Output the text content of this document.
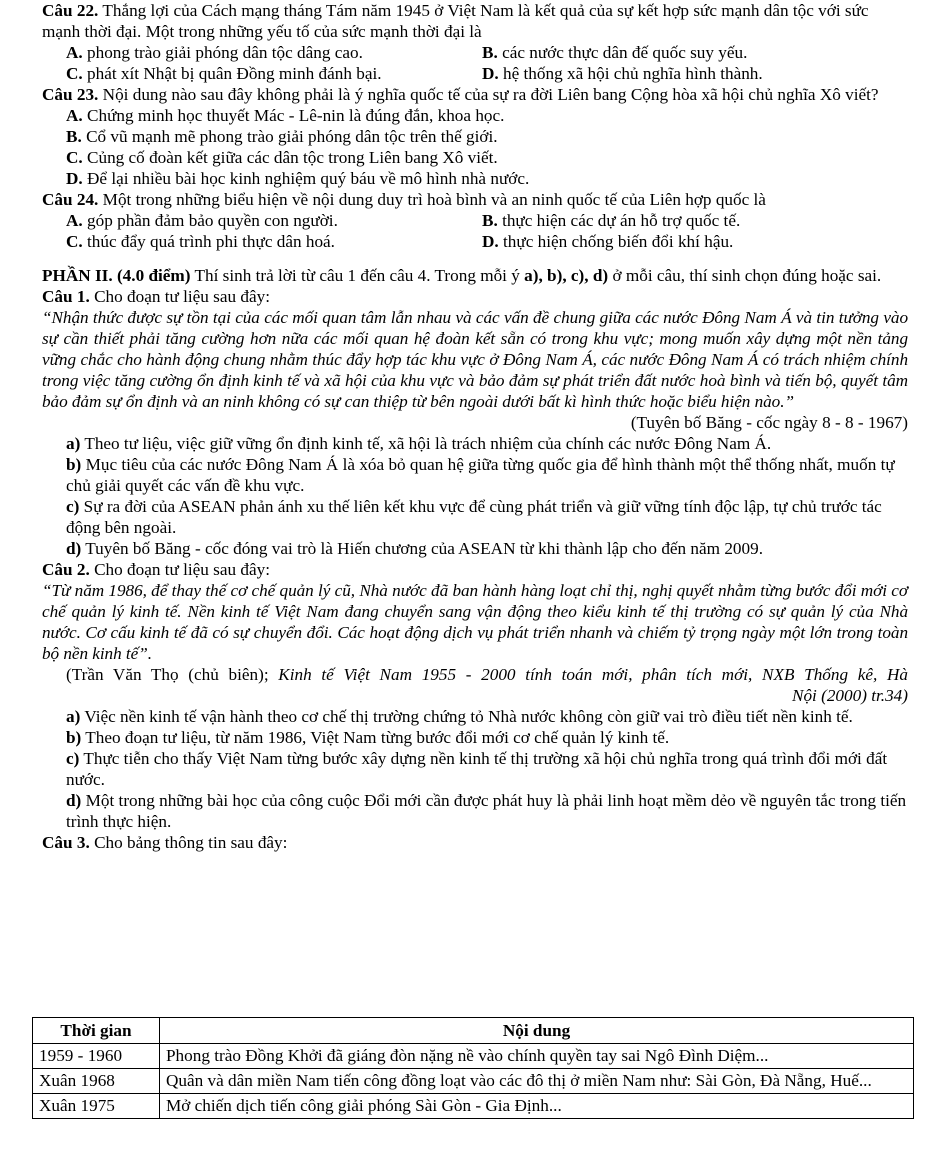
Câu 22. Thắng lợi của Cách mạng tháng Tám năm 1945 ở Việt Nam là kết quả của sự kết hợp sức mạnh dân tộc với sức mạnh thời đại. Một trong những yếu tố của sức mạnh thời đại là

A. phong trào giải phóng dân tộc dâng cao.	B. các nước thực dân đế quốc suy yếu.
C. phát xít Nhật bị quân Đồng minh đánh bại.	D. hệ thống xã hội chủ nghĩa hình thành.

Câu 23. Nội dung nào sau đây không phải là ý nghĩa quốc tế của sự ra đời Liên bang Cộng hòa xã hội chủ nghĩa Xô viết?

A. Chứng minh học thuyết Mác - Lê-nin là đúng đắn, khoa học.

B. Cổ vũ mạnh mẽ phong trào giải phóng dân tộc trên thế giới.

C. Củng cố đoàn kết giữa các dân tộc trong Liên bang Xô viết.

D. Để lại nhiều bài học kinh nghiệm quý báu về mô hình nhà nước.

Câu 24. Một trong những biểu hiện về nội dung duy trì hoà bình và an ninh quốc tế của Liên hợp quốc là

A. góp phần đảm bảo quyền con người.	B. thực hiện các dự án hỗ trợ quốc tế.
C. thúc đẩy quá trình phi thực dân hoá.	D. thực hiện chống biến đổi khí hậu.

PHẦN II. (4.0 điểm) Thí sinh trả lời từ câu 1 đến câu 4. Trong mỗi ý a), b), c), d) ở mỗi câu, thí sinh chọn đúng hoặc sai.

Câu 1. Cho đoạn tư liệu sau đây:

“Nhận thức được sự tồn tại của các mối quan tâm lẫn nhau và các vấn đề chung giữa các nước Đông Nam Á và tin tưởng vào sự cần thiết phải tăng cường hơn nữa các mối quan hệ đoàn kết sẵn có trong khu vực; mong muốn xây dựng một nền tảng vững chắc cho hành động chung nhằm thúc đẩy hợp tác khu vực ở Đông Nam Á, các nước Đông Nam Á có trách nhiệm chính trong việc tăng cường ổn định kinh tế và xã hội của khu vực và bảo đảm sự phát triển đất nước hoà bình và tiến bộ, quyết tâm bảo đảm sự ổn định và an ninh không có sự can thiệp từ bên ngoài dưới bất kì hình thức hoặc biểu hiện nào.”

(Tuyên bố Băng - cốc ngày 8 - 8 - 1967)

a) Theo tư liệu, việc giữ vững ổn định kinh tế, xã hội là trách nhiệm của chính các nước Đông Nam Á.

b) Mục tiêu của các nước Đông Nam Á là xóa bỏ quan hệ giữa từng quốc gia để hình thành một thể thống nhất, muốn tự chủ giải quyết các vấn đề khu vực.

c) Sự ra đời của ASEAN phản ánh xu thế liên kết khu vực để cùng phát triển và giữ vững tính độc lập, tự chủ trước tác động bên ngoài.

d) Tuyên bố Băng - cốc đóng vai trò là Hiến chương của ASEAN từ khi thành lập cho đến năm 2009.

Câu 2. Cho đoạn tư liệu sau đây:

“Từ năm 1986, để thay thế cơ chế quản lý cũ, Nhà nước đã ban hành hàng loạt chỉ thị, nghị quyết nhằm từng bước đổi mới cơ chế quản lý kinh tế. Nền kinh tế Việt Nam đang chuyển sang vận động theo kiểu kinh tế thị trường có sự quản lý của Nhà nước. Cơ cấu kinh tế đã có sự chuyển đổi. Các hoạt động dịch vụ phát triển nhanh và chiếm tỷ trọng ngày một lớn trong toàn bộ nền kinh tế”.

(Trần Văn Thọ (chủ biên); Kinh tế Việt Nam 1955 - 2000 tính toán mới, phân tích mới, NXB Thống kê, Hà

Nội (2000) tr.34)

a) Việc nền kinh tế vận hành theo cơ chế thị trường chứng tỏ Nhà nước không còn giữ vai trò điều tiết nền kinh tế.

b) Theo đoạn tư liệu, từ năm 1986, Việt Nam từng bước đổi mới cơ chế quản lý kinh tế.

c) Thực tiễn cho thấy Việt Nam từng bước xây dựng nền kinh tế thị trường xã hội chủ nghĩa trong quá trình đổi mới đất nước.

d) Một trong những bài học của công cuộc Đổi mới cần được phát huy là phải linh hoạt mềm dẻo về nguyên tắc trong tiến trình thực hiện.

Câu 3. Cho bảng thông tin sau đây:

Thời gian	Nội dung
1959 - 1960	Phong trào Đồng Khởi đã giáng đòn nặng nề vào chính quyền tay sai Ngô Đình Diệm...
Xuân 1968	Quân và dân miền Nam tiến công đồng loạt vào các đô thị ở miền Nam như: Sài Gòn, Đà Nẵng, Huế...
Xuân 1975	Mở chiến dịch tiến công giải phóng Sài Gòn - Gia Định...
